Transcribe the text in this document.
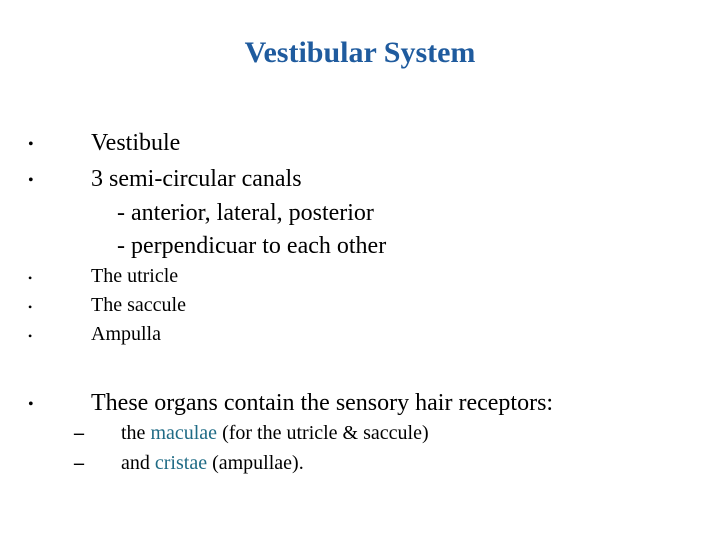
Vestibular System
• Vestibule
• 3 semi-circular canals
- anterior, lateral, posterior
- perpendicuar to each other
•	The utricle
•	The saccule
•	Ampulla
• These organs contain the sensory hair receptors:
– the maculae (for the utricle & saccule)
– and cristae (ampullae).
